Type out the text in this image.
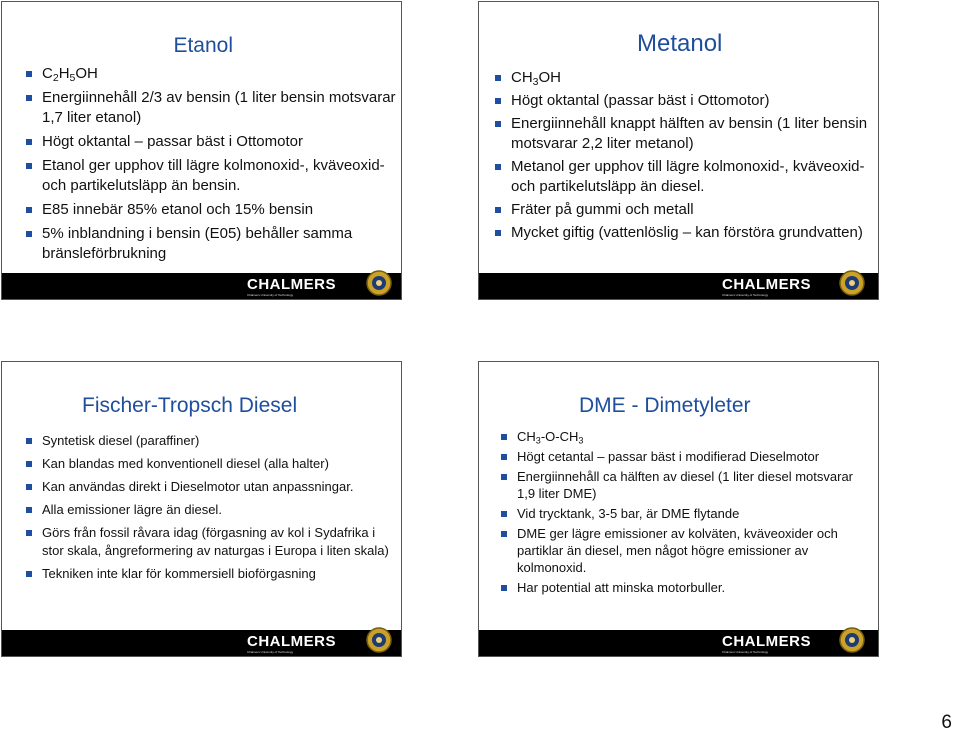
Etanol
$C_2H_5OH$
Energiinnehåll 2/3 av bensin (1 liter bensin motsvarar 1,7 liter etanol)
Högt oktantal – passar bäst i Ottomotor
Etanol ger upphov till lägre kolmonoxid-, kväveoxid- och partikelutsläpp än bensin.
E85 innebär 85% etanol och 15% bensin
5% inblandning i bensin (E05) behåller samma bränsleförbrukning
CHALMERS
Chalmers University of Technology
Metanol
$CH_3OH$
Högt oktantal (passar bäst i Ottomotor)
Energiinnehåll knappt hälften av bensin (1 liter bensin motsvarar 2,2 liter metanol)
Metanol ger upphov till lägre kolmonoxid-, kväveoxid- och partikelutsläpp än diesel.
Fräter på gummi och metall
Mycket giftig (vattenlöslig – kan förstöra grundvatten)
CHALMERS
Chalmers University of Technology
Fischer-Tropsch Diesel
Syntetisk diesel (paraffiner)
Kan blandas med konventionell diesel (alla halter)
Kan användas direkt i Dieselmotor utan anpassningar.
Alla emissioner lägre än diesel.
Görs från fossil råvara idag (förgasning av kol i Sydafrika i stor skala, ångreformering av naturgas i Europa i liten skala)
Tekniken inte klar för kommersiell bioförgasning
CHALMERS
Chalmers University of Technology
DME - Dimetyleter
$CH_3-O-CH_3$
Högt cetantal – passar bäst i modifierad Dieselmotor
Energiinnehåll ca hälften av diesel (1 liter diesel motsvarar 1,9 liter DME)
Vid trycktank, 3-5 bar, är DME flytande
DME ger lägre emissioner av kolväten, kväveoxider och partiklar än diesel, men något högre emissioner av kolmonoxid.
Har potential att minska motorbuller.
CHALMERS
Chalmers University of Technology
6
